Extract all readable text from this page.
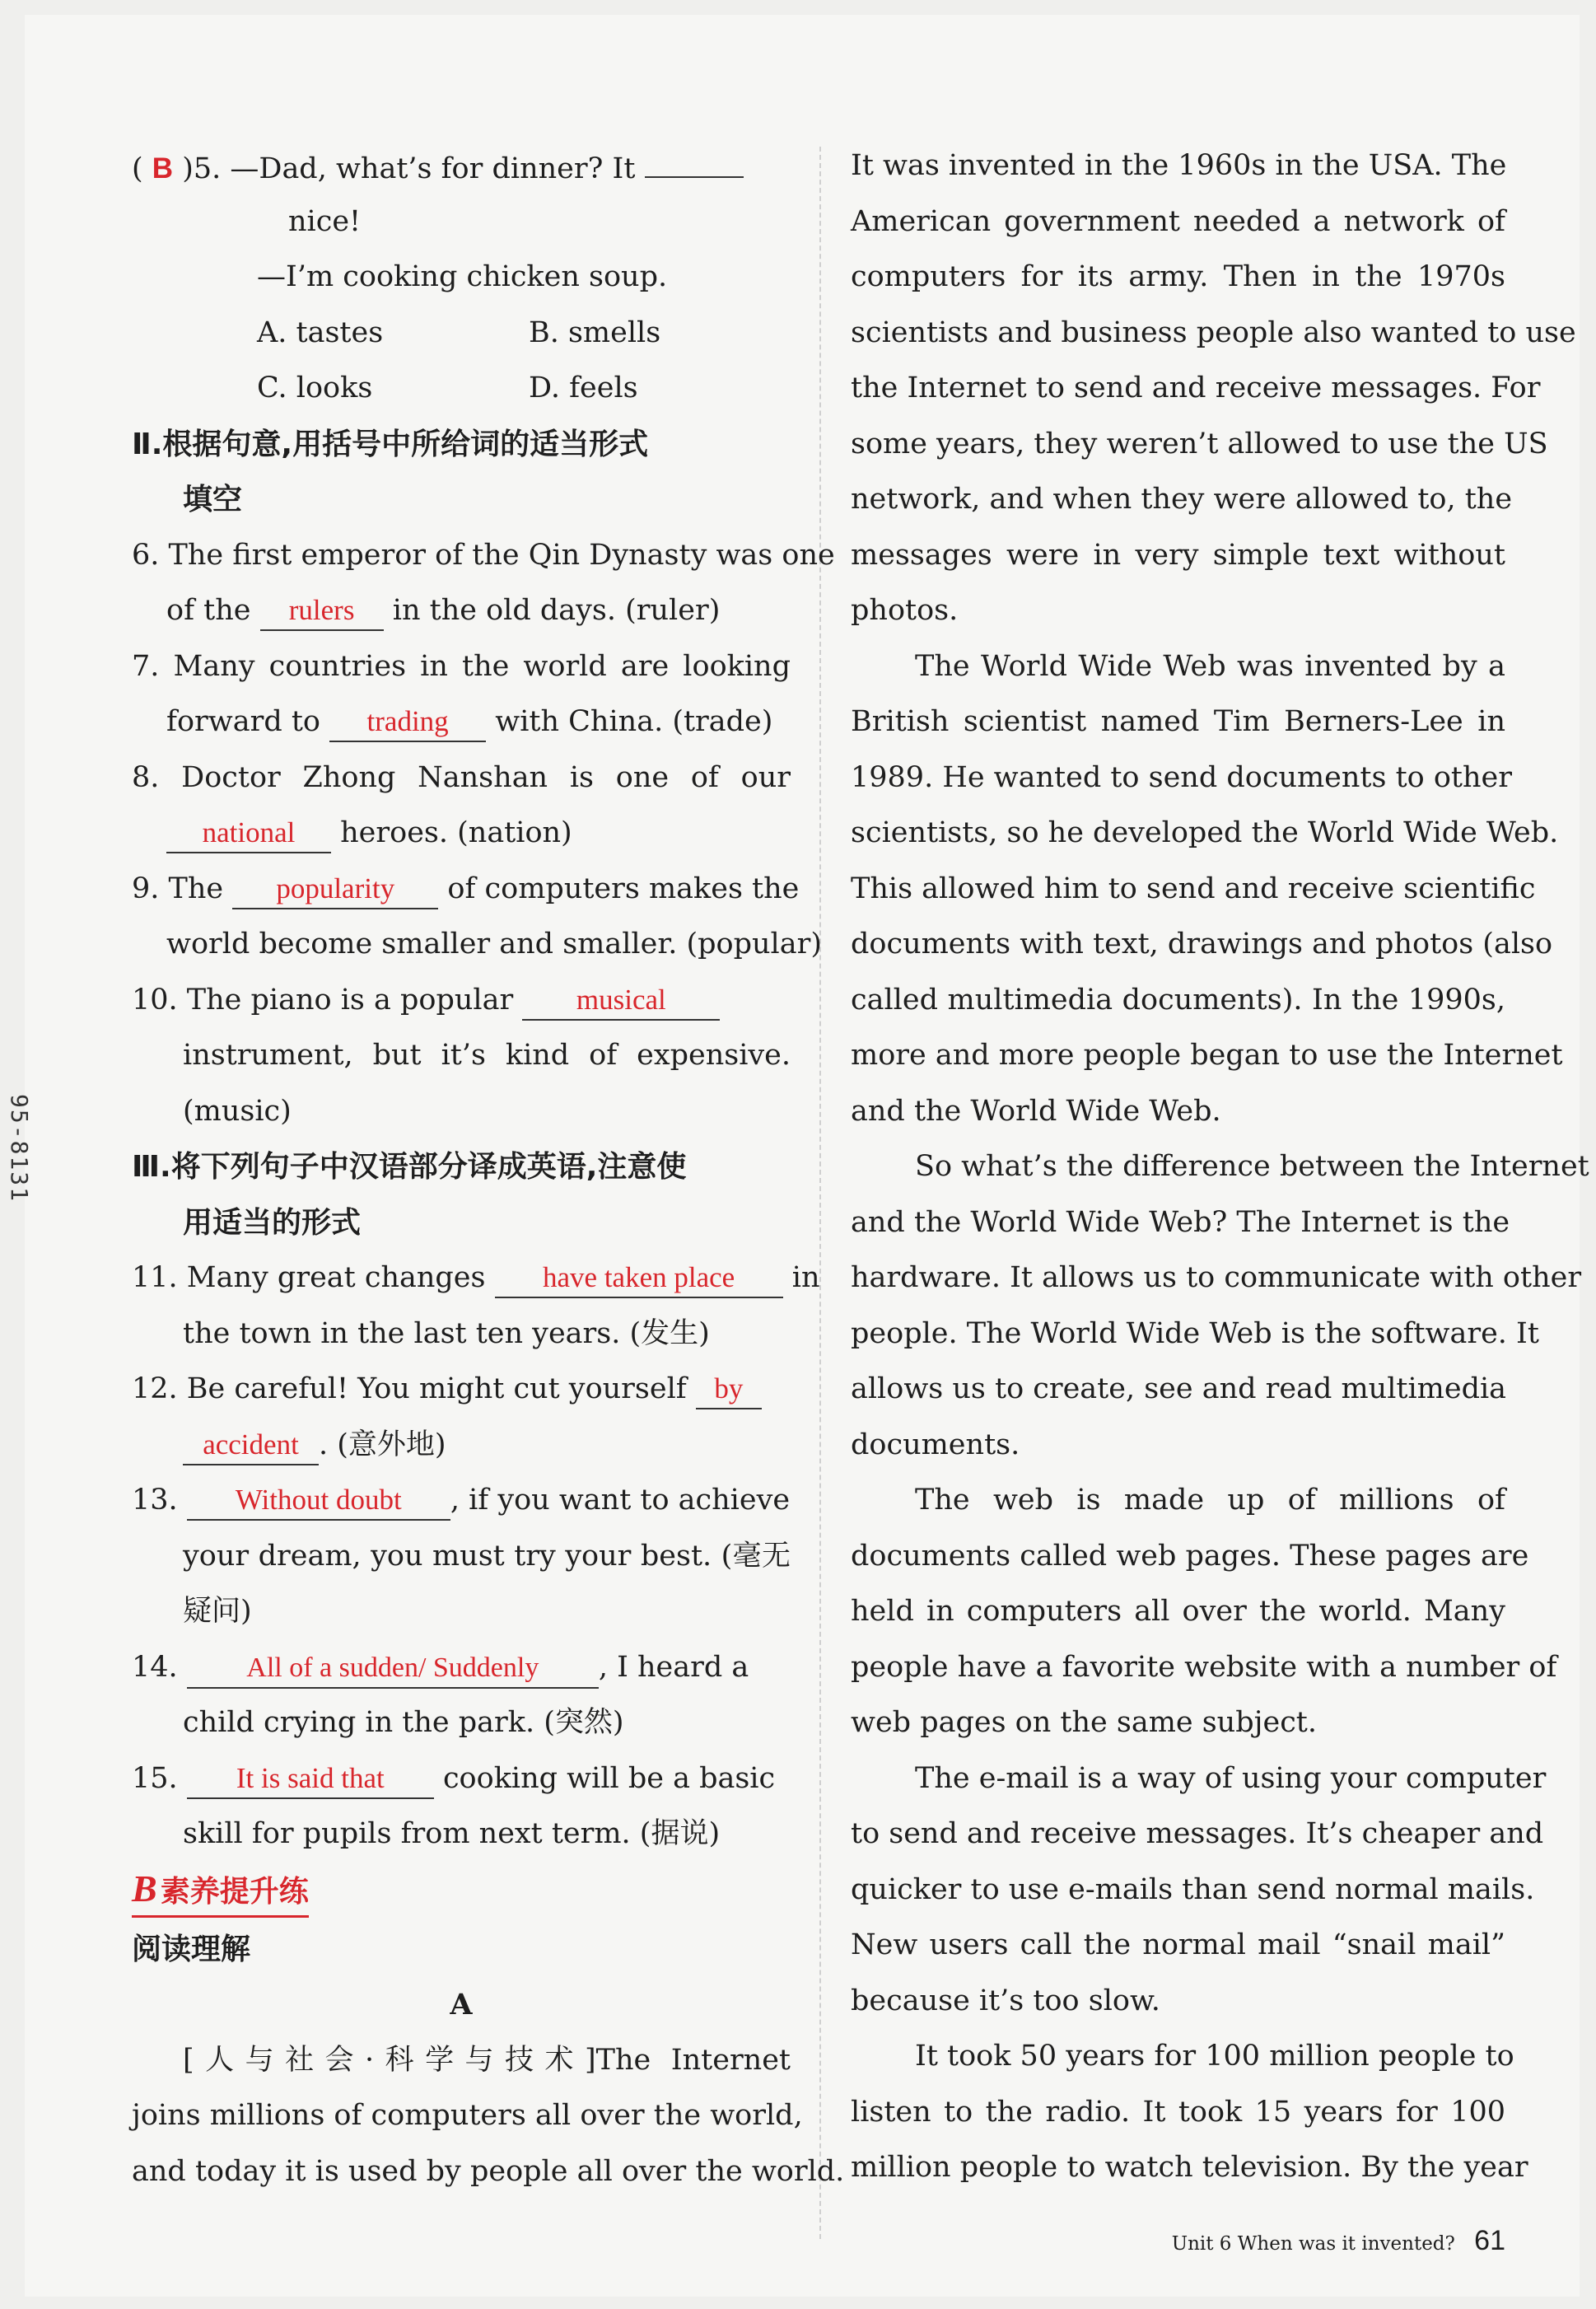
95-8131
( B )5. —Dad, what’s for dinner? It
nice!
—I’m cooking chicken soup.
A. tastes	B. smells
C. looks	D. feels
Ⅱ.根据句意,用括号中所给词的适当形式
填空
6. The first emperor of the Qin Dynasty was one
of the rulers in the old days. (ruler)
7. Many countries in the world are looking
forward to trading with China. (trade)
8. Doctor Zhong Nanshan is one of our
national heroes. (nation)
9. The popularity of computers makes the
world become smaller and smaller. (popular)
10. The piano is a popular musical
instrument, but it’s kind of expensive.
(music)
Ⅲ.将下列句子中汉语部分译成英语,注意使
用适当的形式
11. Many great changes have taken place in
the town in the last ten years. (发生)
12. Be careful! You might cut yourself by
accident . (意外地)
13. Without doubt , if you want to achieve
your dream, you must try your best. (毫无
疑问)
14. All of a sudden/ Suddenly , I heard a
child crying in the park. (突然)
15. It is said that cooking will be a basic
skill for pupils from next term. (据说)
B 素养提升练
阅读理解
A
[人与社会·科学与技术]The Internet
joins millions of computers all over the world,
and today it is used by people all over the world.
It was invented in the 1960s in the USA. The
American government needed a network of
computers for its army. Then in the 1970s
scientists and business people also wanted to use
the Internet to send and receive messages. For
some years, they weren’t allowed to use the US
network, and when they were allowed to, the
messages were in very simple text without
photos.
The World Wide Web was invented by a
British scientist named Tim Berners-Lee in
1989. He wanted to send documents to other
scientists, so he developed the World Wide Web.
This allowed him to send and receive scientific
documents with text, drawings and photos (also
called multimedia documents). In the 1990s,
more and more people began to use the Internet
and the World Wide Web.
So what’s the difference between the Internet
and the World Wide Web? The Internet is the
hardware. It allows us to communicate with other
people. The World Wide Web is the software. It
allows us to create, see and read multimedia
documents.
The web is made up of millions of
documents called web pages. These pages are
held in computers all over the world. Many
people have a favorite website with a number of
web pages on the same subject.
The e-mail is a way of using your computer
to send and receive messages. It’s cheaper and
quicker to use e-mails than send normal mails.
New users call the normal mail “snail mail”
because it’s too slow.
It took 50 years for 100 million people to
listen to the radio. It took 15 years for 100
million people to watch television. By the year
Unit 6 When was it invented? 61
